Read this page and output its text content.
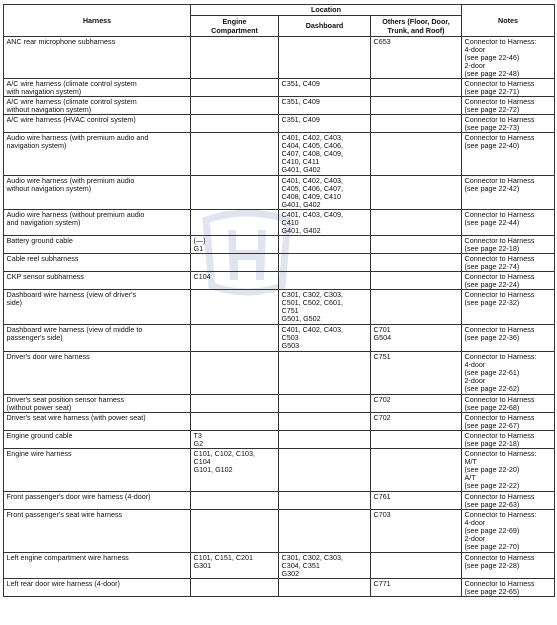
Harness	Location			Notes
	Engine
Compartment	Dashboard	Others (Floor, Door,
Trunk, and Roof)	
ANC rear microphone subharness			C653	Connector to Harness:
4-door
(see page 22-46)
2-door
(see page 22-48)
A/C wire harness (climate control system
with navigation system)		C351, C409		Connector to Harness
(see page 22-71)
A/C wire harness (climate control system
without navigation system)		C351, C409		Connector to Harness
(see page 22-72)
A/C wire harness (HVAC control system)		C351, C409		Connector to Harness
(see page 22-73)
Audio wire harness (with premium audio and
navigation system)		C401, C402, C403,
C404, C405, C406,
C407, C408, C409,
C410, C411
G401, G402		Connector to Harness
(see page 22-40)
Audio wire harness (with premium audio
without navigation system)		C401, C402, C403,
C405, C406, C407,
C408, C409, C410
G401, G402		Connector to Harness
(see page 22-42)
Audio wire harness (without premium audio
and navigation system)		C401, C403, C409,
C410
G401, G402		Connector to Harness
(see page 22-44)
Battery ground cable	(—)
G1			Connector to Harness
(see page 22-18)
Cable reel subharness				Connector to Harness
(see page 22-74)
CKP sensor subharness	C104			Connector to Harness
(see page 22-24)
Dashboard wire harness (view of driver's
side)		C301, C302, C303,
C501, C502, C601,
C751
G501, G502		Connector to Harness
(see page 22-32)
Dashboard wire harness (view of middle to
passenger's side)		C401, C402, C403,
C503
G503	C701
G504	Connector to Harness
(see page 22-36)
Driver's door wire harness			C751	Connector to Harness:
4-door
(see page 22-61)
2-door
(see page 22-62)
Driver's seat position sensor harness
(without power seat)			C702	Connector to Harness
(see page 22-68)
Driver's seat wire harness (with power seat)			C702	Connector to Harness
(see page 22-67)
Engine ground cable	T3
G2			Connector to Harness
(see page 22-18)
Engine wire harness	C101, C102, C103,
C104
G101, G102			Connector to Harness:
M/T
(see page 22-20)
A/T
(see page 22-22)
Front passenger's door wire harness (4-door)			C761	Connector to Harness
(see page 22-63)
Front passenger's seat wire harness			C703	Connector to Harness:
4-door
(see page 22-69)
2-door
(see page 22-70)
Left engine compartment wire harness	C101, C151, C201
G301	C301, C302, C303,
C304, C351
G302		Connector to Harness
(see page 22-28)
Left rear door wire harness (4-door)			C771	Connector to Harness
(see page 22-65)
